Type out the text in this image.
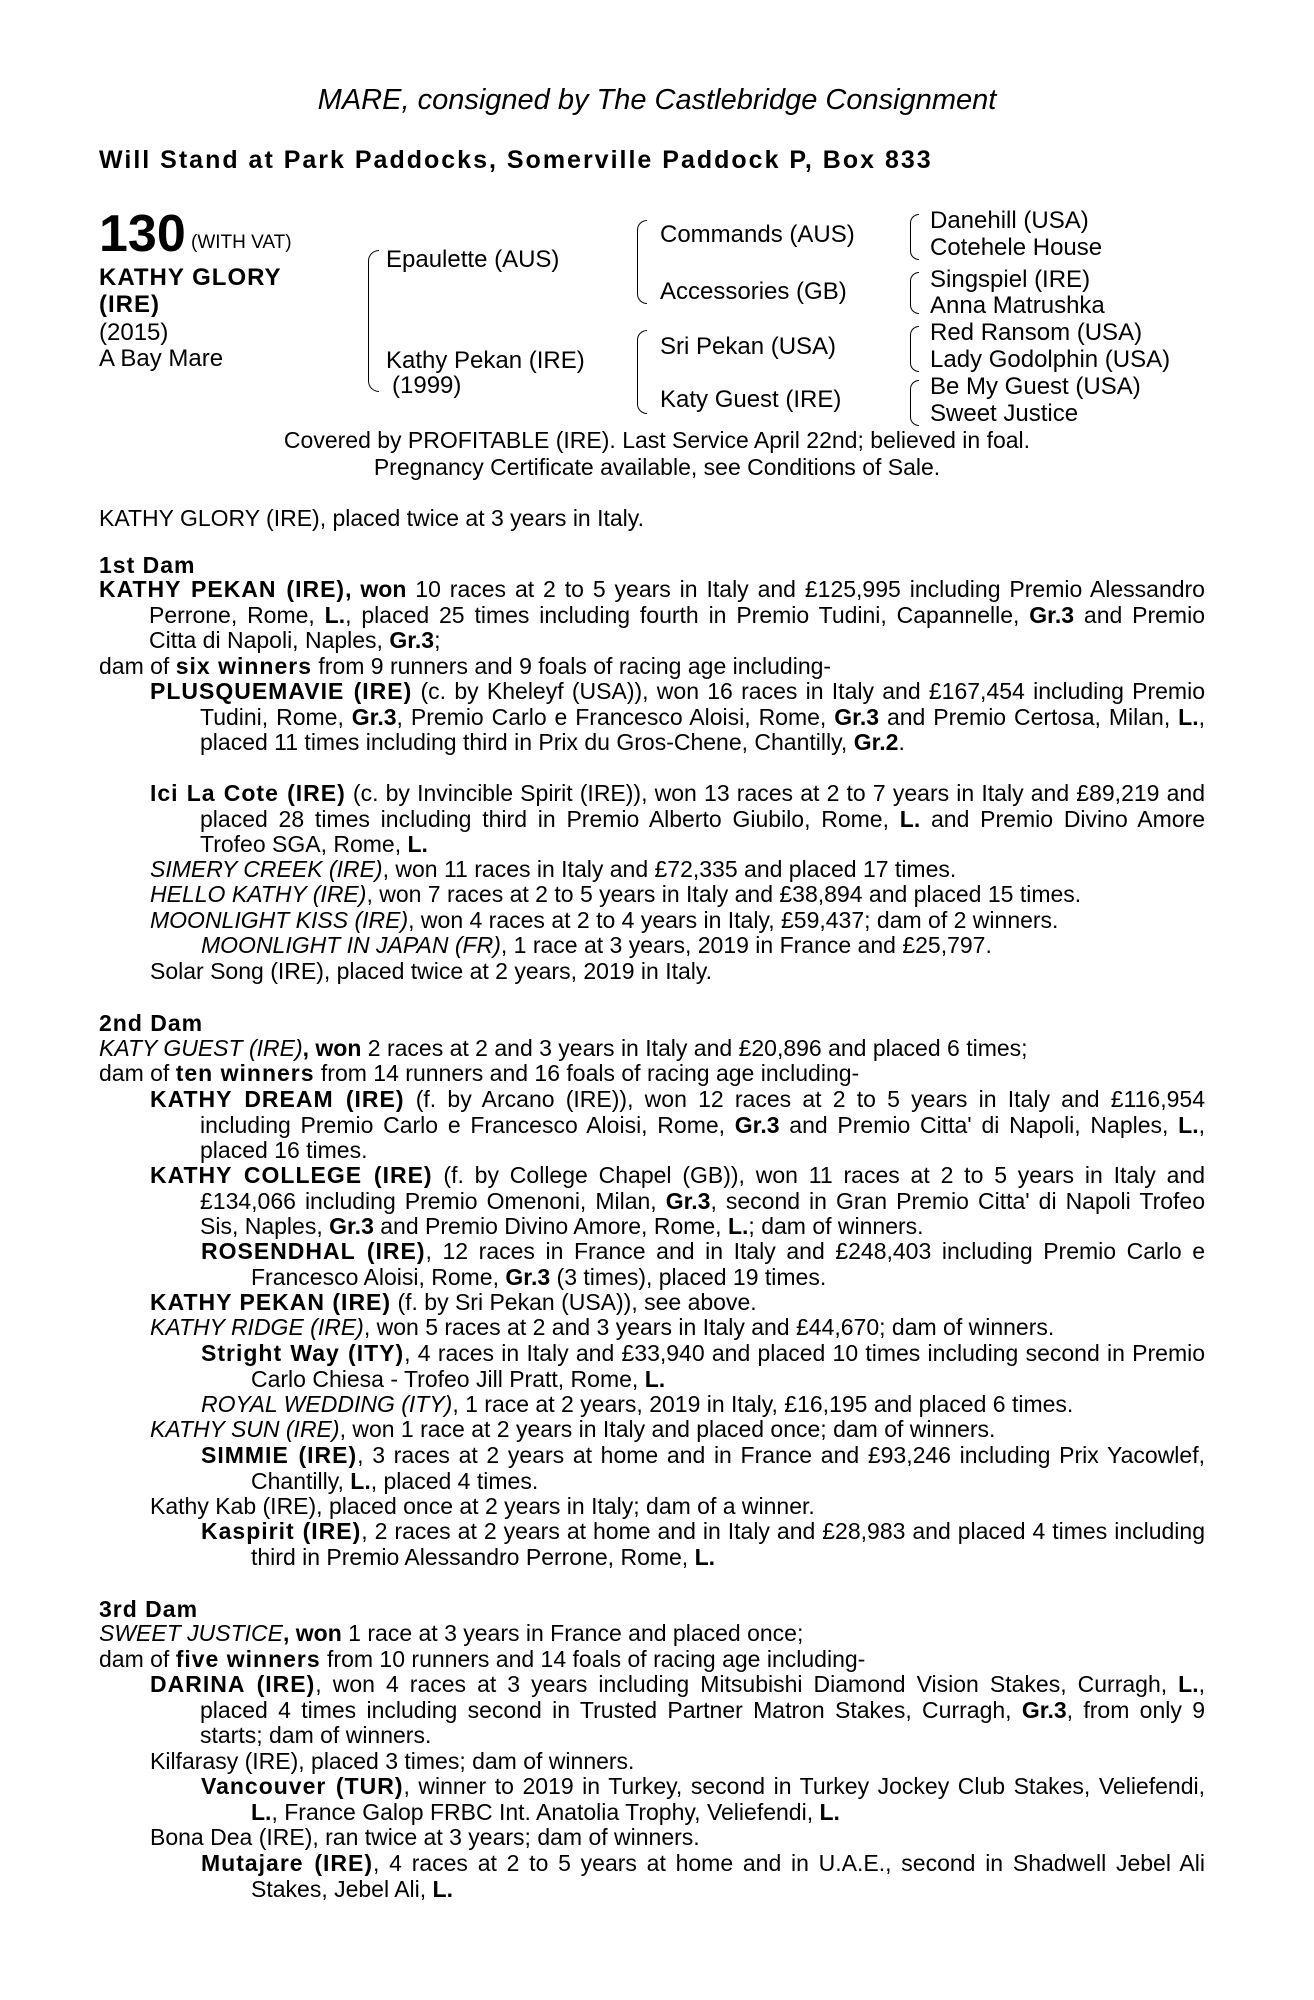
MARE, consigned by The Castlebridge Consignment
Will Stand at Park Paddocks, Somerville Paddock P, Box 833
130 (WITH VAT)
KATHY GLORY
(IRE)
(2015)
A Bay Mare
Epaulette (AUS)
Kathy Pekan (IRE)
(1999)
Commands (AUS)
Accessories (GB)
Sri Pekan (USA)
Katy Guest (IRE)
Danehill (USA)
Cotehele House
Singspiel (IRE)
Anna Matrushka
Red Ransom (USA)
Lady Godolphin (USA)
Be My Guest (USA)
Sweet Justice
Covered by PROFITABLE (IRE). Last Service April 22nd; believed in foal.
Pregnancy Certificate available, see Conditions of Sale.
KATHY GLORY (IRE), placed twice at 3 years in Italy.
1st Dam
KATHY PEKAN (IRE), won 10 races at 2 to 5 years in Italy and £125,995 including Premio Alessandro Perrone, Rome, L., placed 25 times including fourth in Premio Tudini, Capannelle, Gr.3 and Premio Citta di Napoli, Naples, Gr.3;
dam of six winners from 9 runners and 9 foals of racing age including-
PLUSQUEMAVIE (IRE) (c. by Kheleyf (USA)), won 16 races in Italy and £167,454 including Premio Tudini, Rome, Gr.3, Premio Carlo e Francesco Aloisi, Rome, Gr.3 and Premio Certosa, Milan, L., placed 11 times including third in Prix du Gros-Chene, Chantilly, Gr.2.
Ici La Cote (IRE) (c. by Invincible Spirit (IRE)), won 13 races at 2 to 7 years in Italy and £89,219 and placed 28 times including third in Premio Alberto Giubilo, Rome, L. and Premio Divino Amore Trofeo SGA, Rome, L.
SIMERY CREEK (IRE), won 11 races in Italy and £72,335 and placed 17 times.
HELLO KATHY (IRE), won 7 races at 2 to 5 years in Italy and £38,894 and placed 15 times.
MOONLIGHT KISS (IRE), won 4 races at 2 to 4 years in Italy, £59,437; dam of 2 winners.
MOONLIGHT IN JAPAN (FR), 1 race at 3 years, 2019 in France and £25,797.
Solar Song (IRE), placed twice at 2 years, 2019 in Italy.
2nd Dam
KATY GUEST (IRE), won 2 races at 2 and 3 years in Italy and £20,896 and placed 6 times;
dam of ten winners from 14 runners and 16 foals of racing age including-
KATHY DREAM (IRE) (f. by Arcano (IRE)), won 12 races at 2 to 5 years in Italy and £116,954 including Premio Carlo e Francesco Aloisi, Rome, Gr.3 and Premio Citta' di Napoli, Naples, L., placed 16 times.
KATHY COLLEGE (IRE) (f. by College Chapel (GB)), won 11 races at 2 to 5 years in Italy and £134,066 including Premio Omenoni, Milan, Gr.3, second in Gran Premio Citta' di Napoli Trofeo Sis, Naples, Gr.3 and Premio Divino Amore, Rome, L.; dam of winners.
ROSENDHAL (IRE), 12 races in France and in Italy and £248,403 including Premio Carlo e Francesco Aloisi, Rome, Gr.3 (3 times), placed 19 times.
KATHY PEKAN (IRE) (f. by Sri Pekan (USA)), see above.
KATHY RIDGE (IRE), won 5 races at 2 and 3 years in Italy and £44,670; dam of winners.
Stright Way (ITY), 4 races in Italy and £33,940 and placed 10 times including second in Premio Carlo Chiesa - Trofeo Jill Pratt, Rome, L.
ROYAL WEDDING (ITY), 1 race at 2 years, 2019 in Italy, £16,195 and placed 6 times.
KATHY SUN (IRE), won 1 race at 2 years in Italy and placed once; dam of winners.
SIMMIE (IRE), 3 races at 2 years at home and in France and £93,246 including Prix Yacowlef, Chantilly, L., placed 4 times.
Kathy Kab (IRE), placed once at 2 years in Italy; dam of a winner.
Kaspirit (IRE), 2 races at 2 years at home and in Italy and £28,983 and placed 4 times including third in Premio Alessandro Perrone, Rome, L.
3rd Dam
SWEET JUSTICE, won 1 race at 3 years in France and placed once;
dam of five winners from 10 runners and 14 foals of racing age including-
DARINA (IRE), won 4 races at 3 years including Mitsubishi Diamond Vision Stakes, Curragh, L., placed 4 times including second in Trusted Partner Matron Stakes, Curragh, Gr.3, from only 9 starts; dam of winners.
Kilfarasy (IRE), placed 3 times; dam of winners.
Vancouver (TUR), winner to 2019 in Turkey, second in Turkey Jockey Club Stakes, Veliefendi, L., France Galop FRBC Int. Anatolia Trophy, Veliefendi, L.
Bona Dea (IRE), ran twice at 3 years; dam of winners.
Mutajare (IRE), 4 races at 2 to 5 years at home and in U.A.E., second in Shadwell Jebel Ali Stakes, Jebel Ali, L.
